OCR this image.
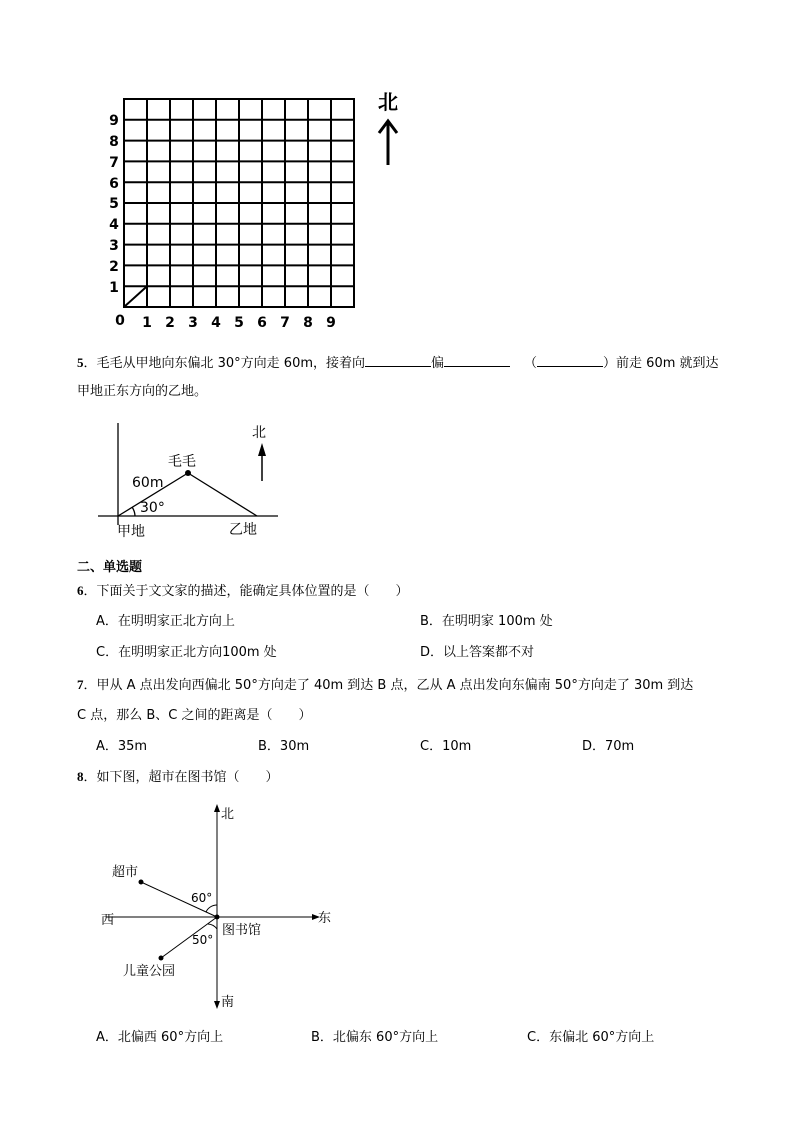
9
8
7
6
5
4
3
2
1
0 1 2 3 4 5 6 7 8 9
北
5．毛毛从甲地向东偏北 30°方向走 60m，接着向	偏	（	）前走 60m 就到达
甲地正东方向的乙地。
北
毛毛
60m
30°
甲地	乙地
二、单选题
6．下面关于文文家的描述，能确定具体位置的是（　　）
A．在明明家正北方向上	B．在明明家 100m 处
C．在明明家正北方向100m 处	D．以上答案都不对
7．甲从 A 点出发向西偏北 50°方向走了 40m 到达 B 点，乙从 A 点出发向东偏南 50°方向走了 30m 到达
C 点，那么 B、C 之间的距离是（　　）
A．35m	B．30m	C．10m	D．70m
8．如下图，超市在图书馆（　　）
北
南
东
西
超市
图书馆
儿童公园
60°
50°
A．北偏西 60°方向上	B．北偏东 60°方向上	C．东偏北 60°方向上
